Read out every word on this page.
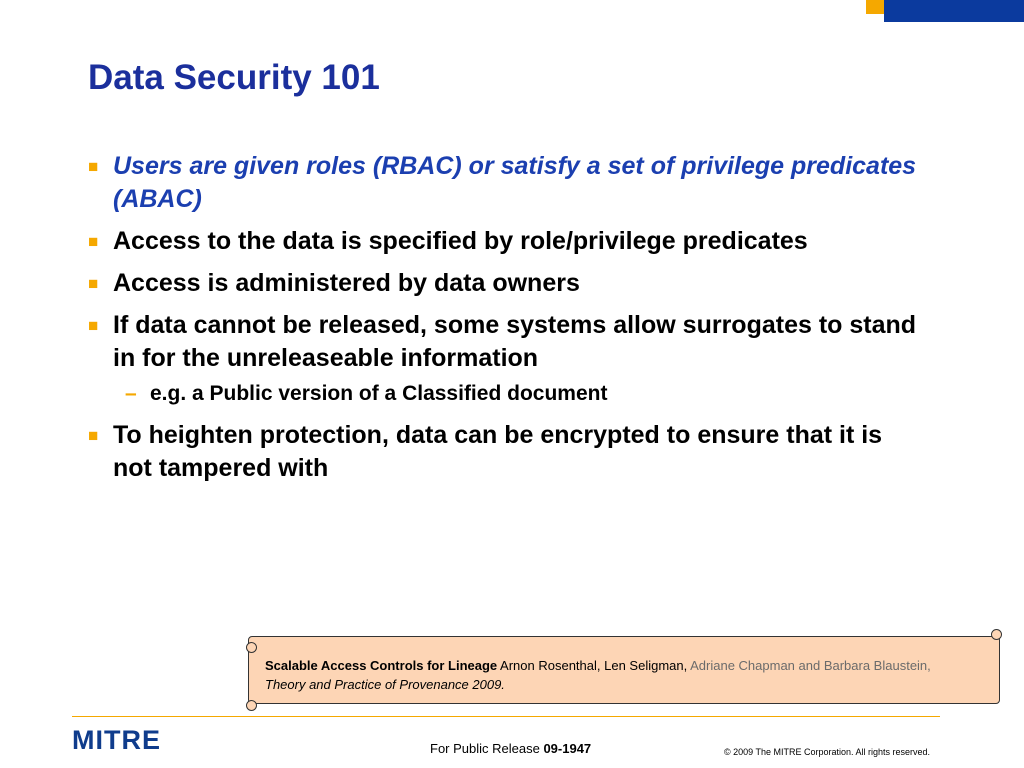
Data Security 101
■ Users are given roles (RBAC) or satisfy a set of privilege predicates (ABAC)
■ Access to the data is specified by role/privilege predicates
■ Access is administered by data owners
■ If data cannot be released, some systems allow surrogates to stand in for the unreleaseable information
– e.g. a Public version of a Classified document
■ To heighten protection, data can be encrypted to ensure that it is not tampered with
Scalable Access Controls for Lineage Arnon Rosenthal, Len Seligman, Adriane Chapman and Barbara Blaustein, Theory and Practice of Provenance 2009.
MITRE	For Public Release 09-1947	© 2009 The MITRE Corporation. All rights reserved.
